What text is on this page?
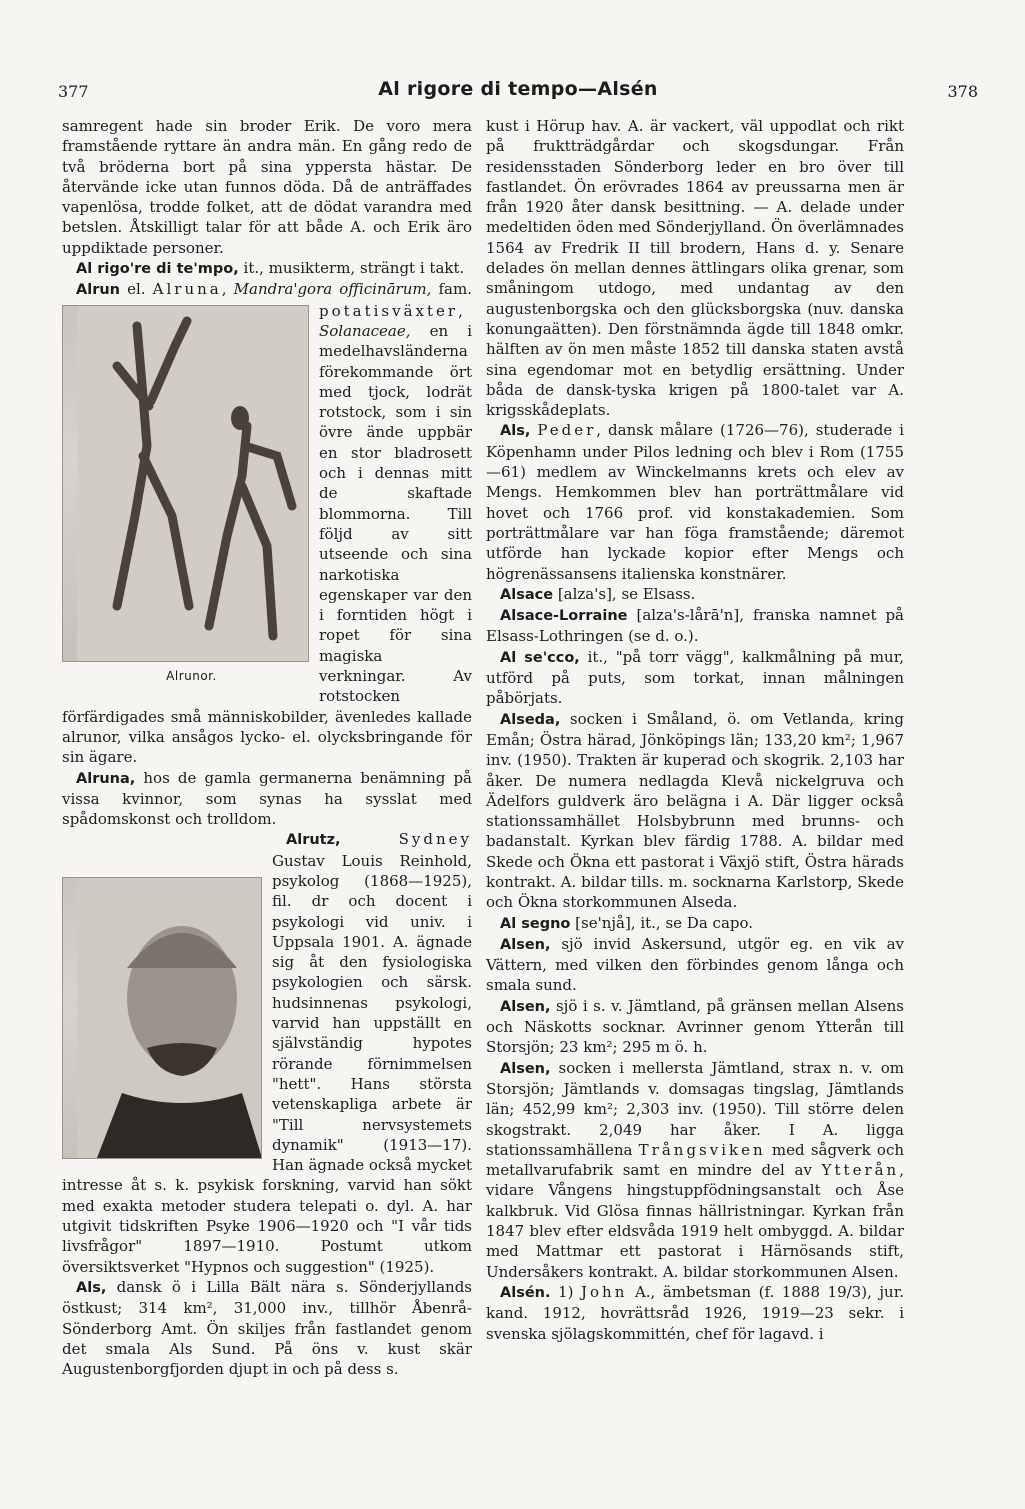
377	Al rigore di tempo—Alsén	378

samregent hade sin broder Erik. De voro mera framstående ryttare än andra män. En gång redo de två bröderna bort på sina yppersta hästar. De återvände icke utan funnos döda. Då de anträffades vapenlösa, trodde folket, att de dödat varandra med betslen. Åtskilligt talar för att både A. och Erik äro uppdiktade personer.

Al rigo're di te'mpo, it., musikterm, strängt i takt.

Alrun el. Alruna, Mandra'gora officinārum, fam.
Alrunor.
potatisväxter, Solanaceae, en i medelhavsländerna förekommande ört med tjock, lodrät rotstock, som i sin övre ände uppbär en stor bladrosett och i dennas mitt de skaftade blommorna. Till följd av sitt utseende och sina narkotiska egenskaper var den i forntiden högt i ropet för sina magiska verkningar. Av rotstocken förfärdigades små människobilder, ävenledes kallade alrunor, vilka ansågos lycko- el. olycksbringande för sin ägare.

Alruna, hos de gamla germanerna benämning på vissa kvinnor, som synas ha sysslat med spådomskonst och trolldom.

Alrutz,	Sydney
Gustav Louis Reinhold, psykolog (1868—1925), fil. dr och docent i psykologi vid univ. i Uppsala 1901. A. ägnade sig åt den fysiologiska psykologien och särsk. hudsinnenas psykologi, varvid han uppställt en självständig hypotes rörande förnimmelsen "hett". Hans största vetenskapliga arbete är "Till nervsystemets dynamik" (1913—17). Han ägnade också mycket intresse åt s. k. psykisk forskning, varvid han sökt med exakta metoder studera telepati o. dyl. A. har utgivit tidskriften Psyke 1906—1920 och "I vår tids livsfrågor" 1897—1910. Postumt utkom översiktsverket "Hypnos och suggestion" (1925).

Als, dansk ö i Lilla Bält nära s. Sönderjyllands östkust; 314 km², 31,000 inv., tillhör Åbenrå-Sönderborg Amt. Ön skiljes från fastlandet genom det smala Als Sund. På öns v. kust skär Augustenborgfjorden djupt in och på dess s.

kust i Hörup hav. A. är vackert, väl uppodlat och rikt på fruktträdgårdar och skogsdungar. Från residensstaden Sönderborg leder en bro över till fastlandet. Ön erövrades 1864 av preussarna men är från 1920 åter dansk besittning. — A. delade under medeltiden öden med Sönderjylland. Ön överlämnades 1564 av Fredrik II till brodern, Hans d. y. Senare delades ön mellan dennes ättlingars olika grenar, som småningom utdogo, med undantag av den augustenborgska och den glücksborgska (nuv. danska konungaätten). Den förstnämnda ägde till 1848 omkr. hälften av ön men måste 1852 till danska staten avstå sina egendomar mot en betydlig ersättning. Under båda de dansk-tyska krigen på 1800-talet var A. krigsskådeplats.

Als, Peder, dansk målare (1726—76), studerade i Köpenhamn under Pilos ledning och blev i Rom (1755—61) medlem av Winckelmanns krets och elev av Mengs. Hemkommen blev han porträttmålare vid hovet och 1766 prof. vid konstakademien. Som porträttmålare var han föga framstående; däremot utförde han lyckade kopior efter Mengs och högrenässansens italienska konstnärer.

Alsace [alza's], se Elsass.

Alsace-Lorraine [alza's-lårā'n], franska namnet på Elsass-Lothringen (se d. o.).

Al se'cco, it., "på torr vägg", kalkmålning på mur, utförd på puts, som torkat, innan målningen påbörjats.

Alseda, socken i Småland, ö. om Vetlanda, kring Emån; Östra härad, Jönköpings län; 133,20 km²; 1,967 inv. (1950). Trakten är kuperad och skogrik. 2,103 har åker. De numera nedlagda Klevå nickelgruva och Ädelfors guldverk äro belägna i A. Där ligger också stationssamhället Holsbybrunn med brunns- och badanstalt. Kyrkan blev färdig 1788. A. bildar med Skede och Ökna ett pastorat i Växjö stift, Östra härads kontrakt. A. bildar tills. m. socknarna Karlstorp, Skede och Ökna storkommunen Alseda.

Al segno [se'njå], it., se Da capo.

Alsen, sjö invid Askersund, utgör eg. en vik av Vättern, med vilken den förbindes genom långa och smala sund.

Alsen, sjö i s. v. Jämtland, på gränsen mellan Alsens och Näskotts socknar. Avrinner genom Ytterån till Storsjön; 23 km²; 295 m ö. h.

Alsen, socken i mellersta Jämtland, strax n. v. om Storsjön; Jämtlands v. domsagas tingslag, Jämtlands län; 452,99 km²; 2,303 inv. (1950). Till större delen skogstrakt. 2,049 har åker. I A. ligga stationssamhällena Trångsviken med sågverk och metallvarufabrik samt en mindre del av Ytterån, vidare Vångens hingstuppfödningsanstalt och Åse kalkbruk. Vid Glösa finnas hällristningar. Kyrkan från 1847 blev efter eldsvåda 1919 helt ombyggd. A. bildar med Mattmar ett pastorat i Härnösands stift, Undersåkers kontrakt. A. bildar storkommunen Alsen.

Alsén. 1) John A., ämbetsman (f. 1888 19/3), jur. kand. 1912, hovrättsråd 1926, 1919—23 sekr. i svenska sjölagskommittén, chef för lagavd. i
